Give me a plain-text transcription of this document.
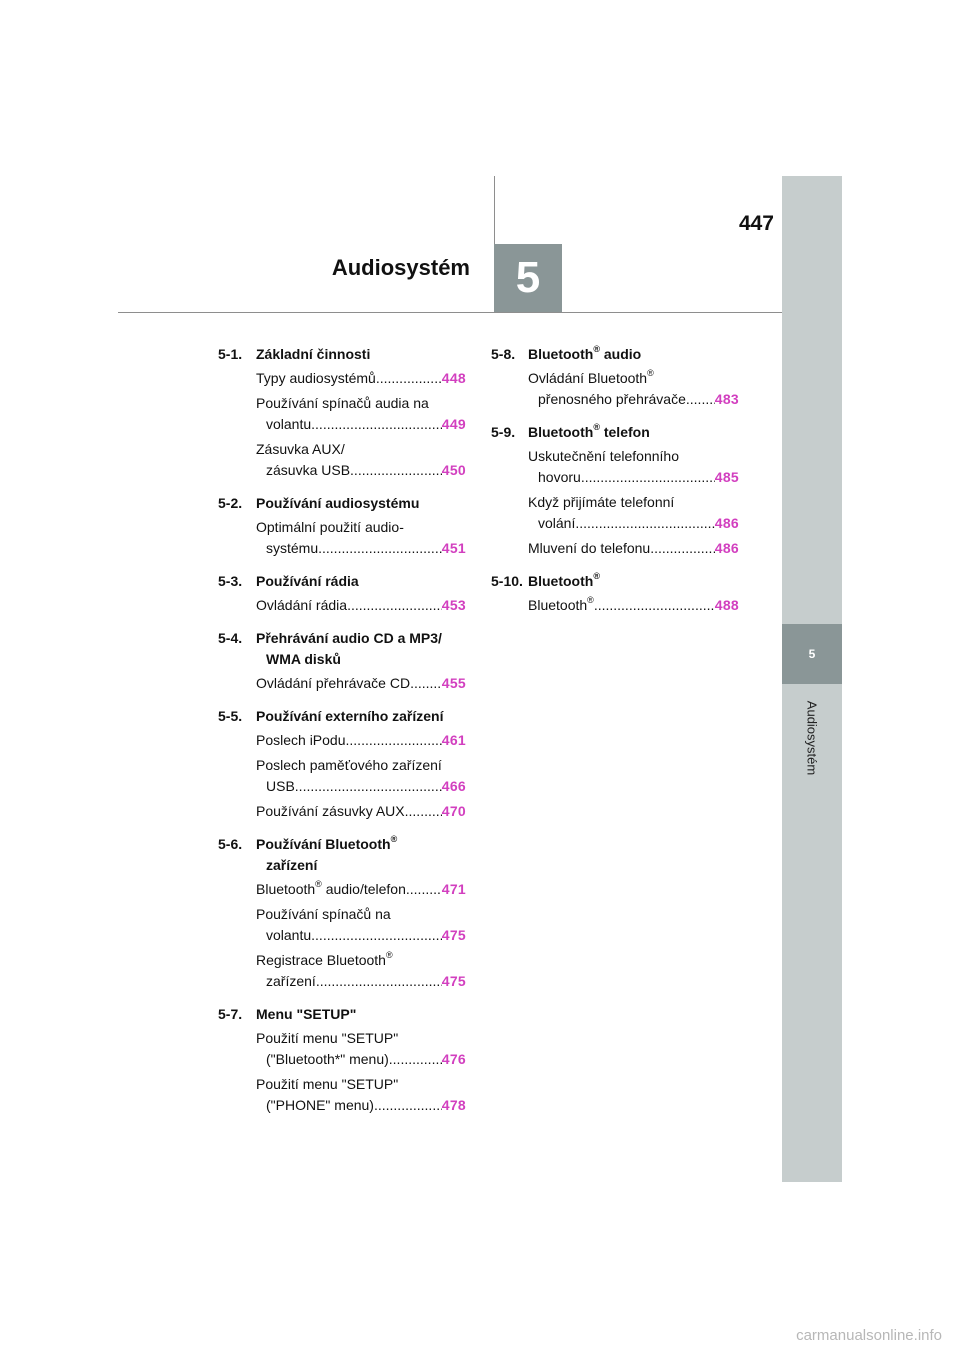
5
447
Audiosystém
5
Audiosystém
5-1. Základní činnosti
Typy audiosystémů .....	448
Používání spínačů audia na
volantu .....	449
Zásuvka AUX/
zásuvka USB .....	450
5-2. Používání audiosystému
Optimální použití audio-
systému .....	451
5-3. Používání rádia
Ovládání rádia .....	453
5-4. Přehrávání audio CD a MP3/
WMA disků
Ovládání přehrávače CD ..... 455
5-5. Používání externího zařízení
Poslech iPodu .....	461
Poslech paměťového zařízení
USB .....	466
Používání zásuvky AUX .....	470
5-6. Používání Bluetooth®
zařízení
Bluetooth® audio/telefon .....	471
Používání spínačů na
volantu .....	475
Registrace Bluetooth®
zařízení .....	475
5-7. Menu "SETUP"
Použití menu "SETUP"
("Bluetooth*" menu) .....	476
Použití menu "SETUP"
("PHONE" menu) .....	478
5-8. Bluetooth® audio
Ovládání Bluetooth®
přenosného přehrávače ..... 483
5-9. Bluetooth® telefon
Uskutečnění telefonního
hovoru .....	485
Když přijímáte telefonní
volání .....	486
Mluvení do telefonu .....	486
5-10. Bluetooth®
Bluetooth® .....	488
carmanualsonline.info
